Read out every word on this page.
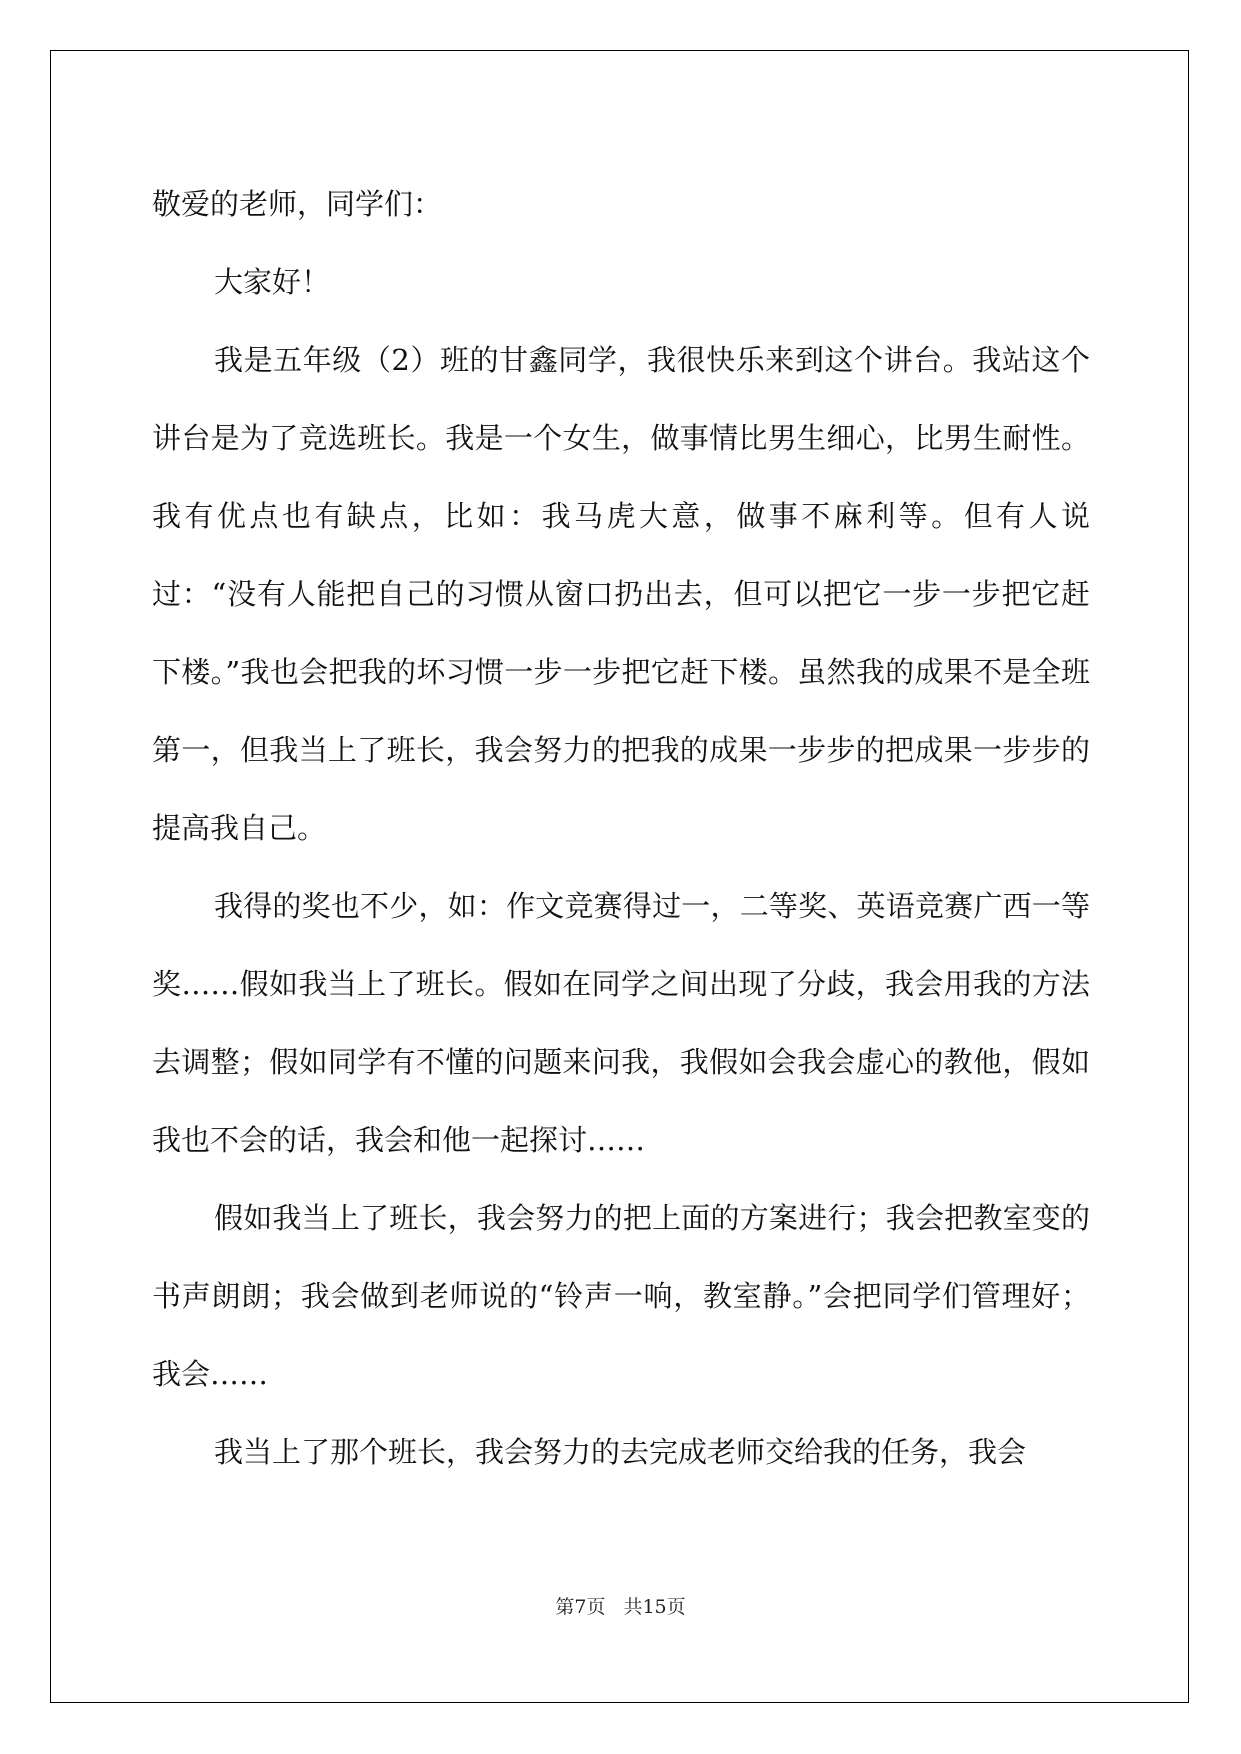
敬爱的老师，同学们：

大家好！

我是五年级（2）班的甘鑫同学，我很快乐来到这个讲台。我站这个讲台是为了竞选班长。我是一个女生，做事情比男生细心，比男生耐性。我有优点也有缺点，比如：我马虎大意，做事不麻利等。但有人说过：“没有人能把自己的习惯从窗口扔出去，但可以把它一步一步把它赶下楼。”我也会把我的坏习惯一步一步把它赶下楼。虽然我的成果不是全班第一，但我当上了班长，我会努力的把我的成果一步步的把成果一步步的提高我自己。

我得的奖也不少，如：作文竞赛得过一，二等奖、英语竞赛广西一等奖……假如我当上了班长。假如在同学之间出现了分歧，我会用我的方法去调整；假如同学有不懂的问题来问我，我假如会我会虚心的教他，假如我也不会的话，我会和他一起探讨……

假如我当上了班长，我会努力的把上面的方案进行；我会把教室变的书声朗朗；我会做到老师说的“铃声一响，教室静。”会把同学们管理好；我会……

我当上了那个班长，我会努力的去完成老师交给我的任务，我会

第7页 共15页
